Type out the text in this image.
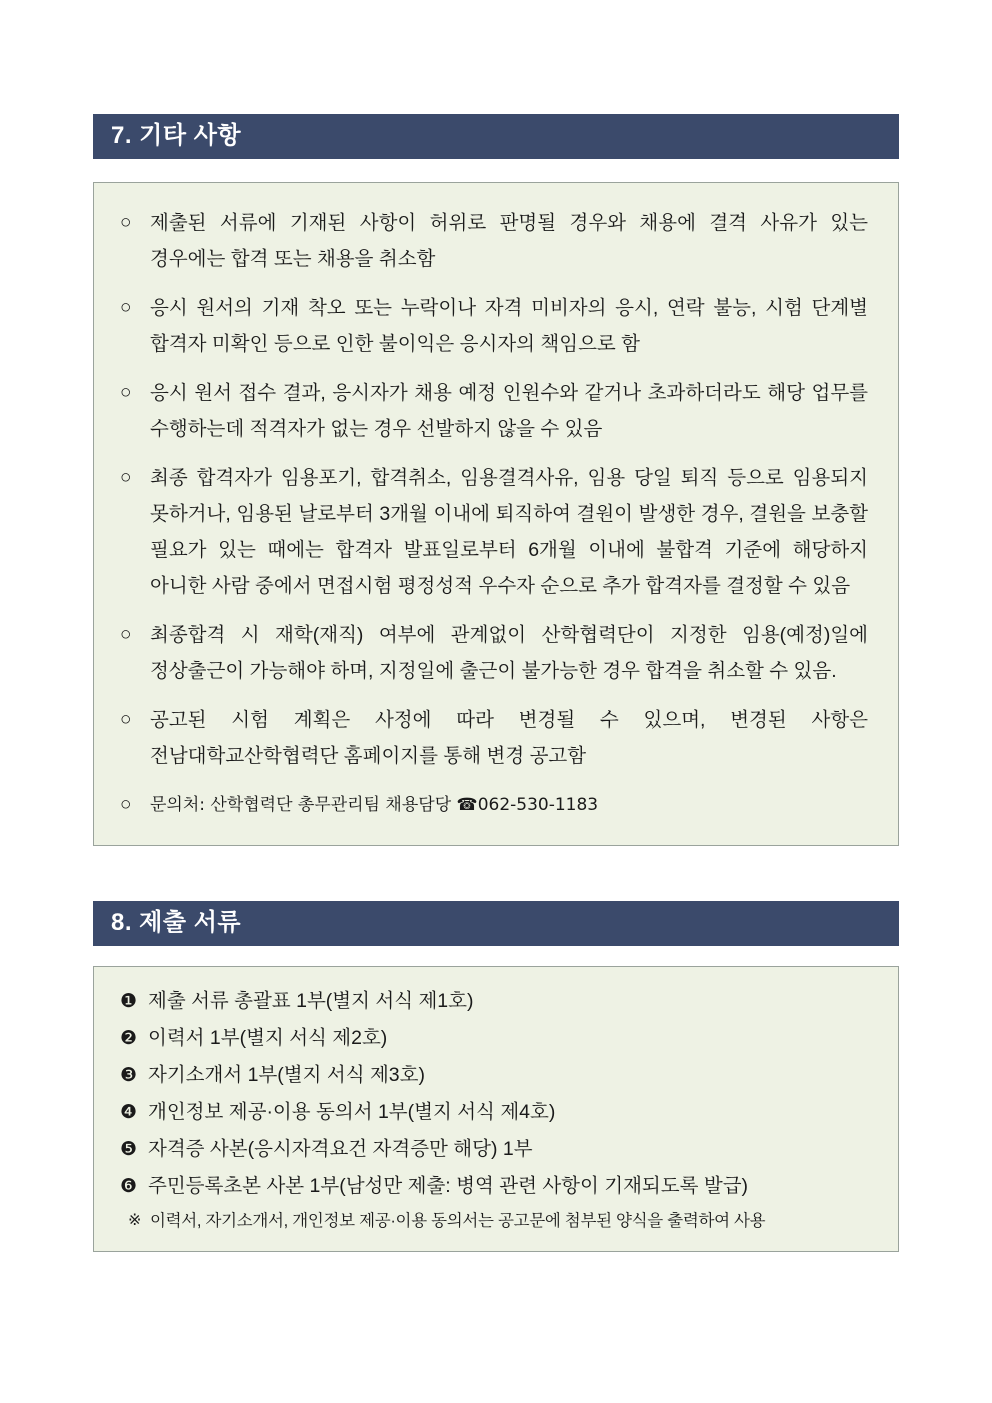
7. 기타 사항
○ 제출된 서류에 기재된 사항이 허위로 판명될 경우와 채용에 결격 사유가 있는 경우에는 합격 또는 채용을 취소함
○ 응시 원서의 기재 착오 또는 누락이나 자격 미비자의 응시, 연락 불능, 시험 단계별 합격자 미확인 등으로 인한 불이익은 응시자의 책임으로 함
○ 응시 원서 접수 결과, 응시자가 채용 예정 인원수와 같거나 초과하더라도 해당 업무를 수행하는데 적격자가 없는 경우 선발하지 않을 수 있음
○ 최종 합격자가 임용포기, 합격취소, 임용결격사유, 임용 당일 퇴직 등으로 임용되지 못하거나, 임용된 날로부터 3개월 이내에 퇴직하여 결원이 발생한 경우, 결원을 보충할 필요가 있는 때에는 합격자 발표일로부터 6개월 이내에 불합격 기준에 해당하지 아니한 사람 중에서 면접시험 평정성적 우수자 순으로 추가 합격자를 결정할 수 있음
○ 최종합격 시 재학(재직) 여부에 관계없이 산학협력단이 지정한 임용(예정)일에 정상출근이 가능해야 하며, 지정일에 출근이 불가능한 경우 합격을 취소할 수 있음.
○ 공고된 시험 계획은 사정에 따라 변경될 수 있으며, 변경된 사항은 전남대학교산학협력단 홈페이지를 통해 변경 공고함
○	문의처: 산학협력단 총무관리팀 채용담당 ☎062-530-1183
8. 제출 서류
❶ 제출 서류 총괄표 1부(별지 서식 제1호)
❷ 이력서 1부(별지 서식 제2호)
❸ 자기소개서 1부(별지 서식 제3호)
❹ 개인정보 제공·이용 동의서 1부(별지 서식 제4호)
❺ 자격증 사본(응시자격요건 자격증만 해당) 1부
❻ 주민등록초본 사본 1부(남성만 제출: 병역 관련 사항이 기재되도록 발급)
※ 이력서, 자기소개서, 개인정보 제공·이용 동의서는 공고문에 첨부된 양식을 출력하여 사용
